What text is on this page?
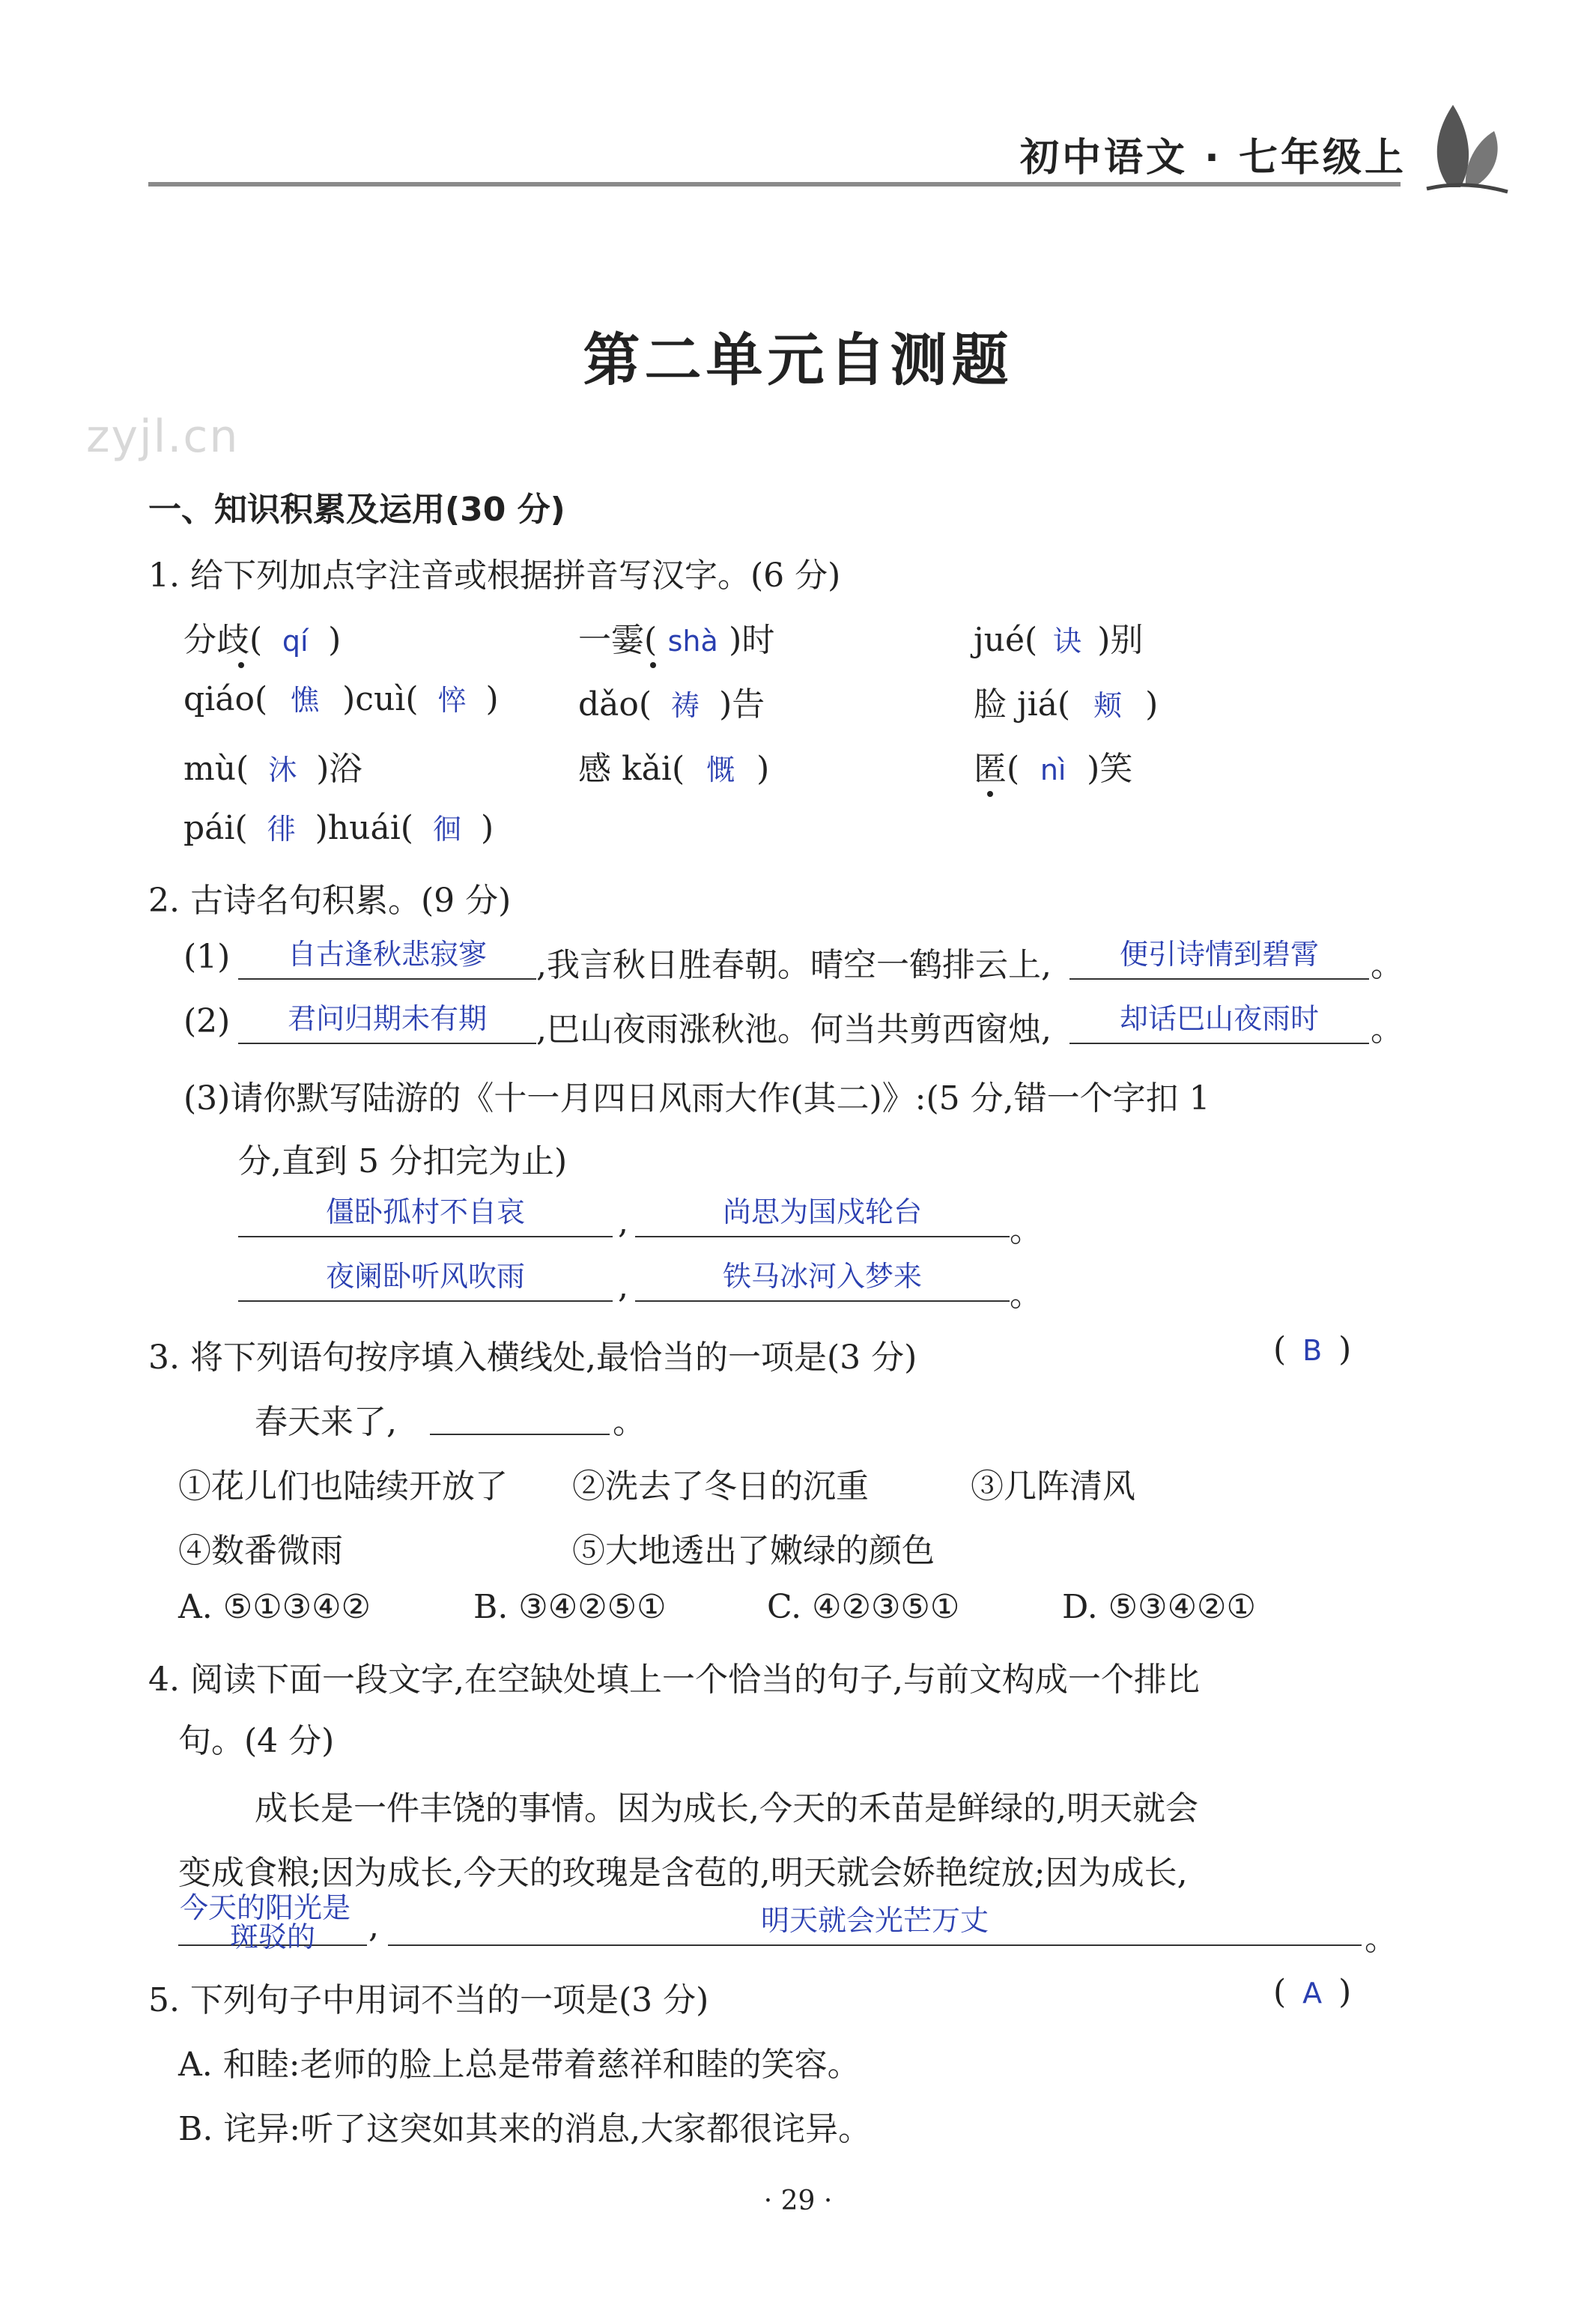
初中语文 · 七年级上
zyjl.cn
第二单元自测题
一、知识积累及运用(30 分)
1. 给下列加点字注音或根据拼音写汉字。(6 分)
分歧( qí )	一霎( shà )时	jué( 诀 )别
qiáo( 憔 )cuì( 悴 ) dǎo( 祷 )告	脸 jiá( 颊 )
mù( 沐 )浴	感 kǎi( 慨 )	匿( nì )笑
pái( 徘 )huái( 徊 )
2. 古诗名句积累。(9 分)
(1)	自古逢秋悲寂寥	,我言秋日胜春朝。晴空一鹤排云上,	便引诗情到碧霄	。
(2)	君问归期未有期	,巴山夜雨涨秋池。何当共剪西窗烛,	却话巴山夜雨时	。
(3)请你默写陆游的《十一月四日风雨大作(其二)》:(5 分,错一个字扣 1
分,直到 5 分扣完为止)
僵卧孤村不自哀	,	尚思为国戍轮台	。
夜阑卧听风吹雨	,	铁马冰河入梦来	。
3. 将下列语句按序填入横线处,最恰当的一项是(3 分)	( B )
春天来了,	。
①花儿们也陆续开放了 ②洗去了冬日的沉重	③几阵清风
④数番微雨	⑤大地透出了嫩绿的颜色
A. ⑤①③④②	B. ③④②⑤①	C. ④②③⑤①	D. ⑤③④②①
4. 阅读下面一段文字,在空缺处填上一个恰当的句子,与前文构成一个排比
句。(4 分)
成长是一件丰饶的事情。因为成长,今天的禾苗是鲜绿的,明天就会
变成食粮;因为成长,今天的玫瑰是含苞的,明天就会娇艳绽放;因为成长,
今天的阳光是
斑驳的	,	明天就会光芒万丈	。
5. 下列句子中用词不当的一项是(3 分)	( A )
A. 和睦:老师的脸上总是带着慈祥和睦的笑容。
B. 诧异:听了这突如其来的消息,大家都很诧异。
· 29 ·
